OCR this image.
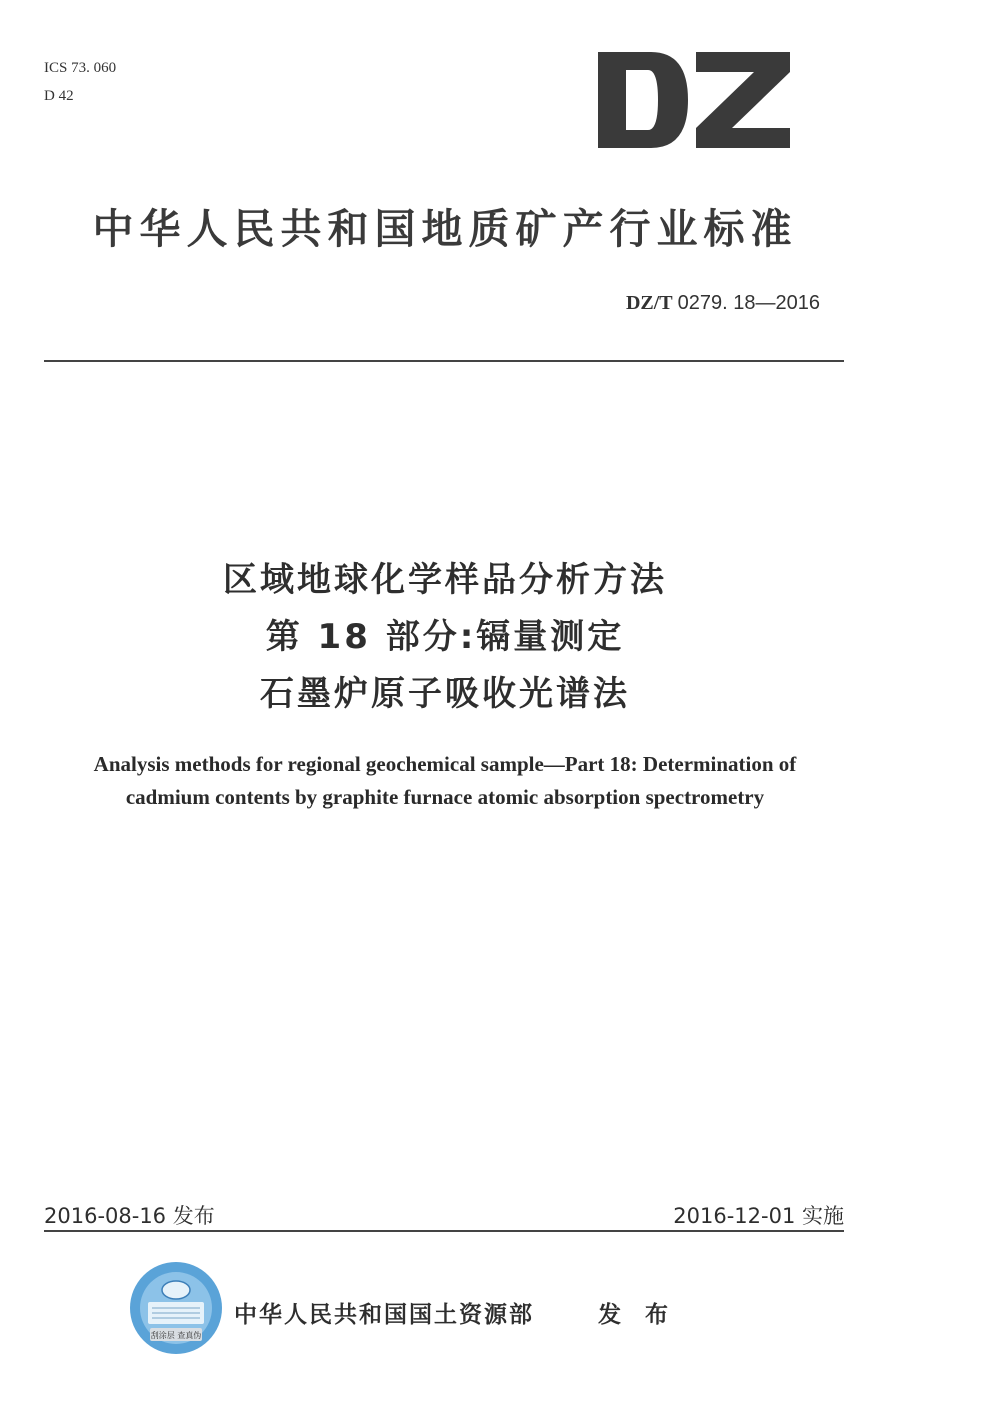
ICS 73. 060
D 42
中华人民共和国地质矿产行业标准
DZ/T 0279. 18—2016
区域地球化学样品分析方法
第 18 部分:镉量测定
石墨炉原子吸收光谱法
Analysis methods for regional geochemical sample—Part 18: Determination of
cadmium contents by graphite furnace atomic absorption spectrometry
2016-08-16 发布	2016-12-01 实施
刮涂层 查真伪
中华人民共和国国土资源部	发 布
